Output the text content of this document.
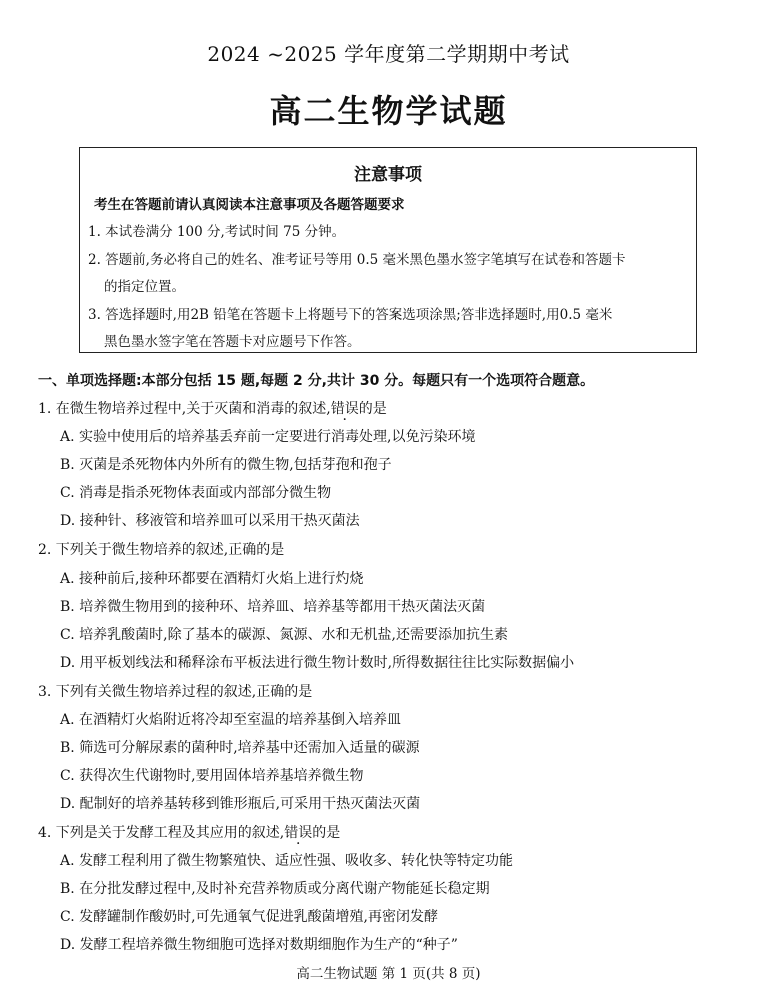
2024 ~2025 学年度第二学期期中考试
高二生物学试题
注意事项
考生在答题前请认真阅读本注意事项及各题答题要求
1. 本试卷满分 100 分,考试时间 75 分钟。
2. 答题前,务必将自己的姓名、准考证号等用 0.5 毫米黑色墨水签字笔填写在试卷和答题卡
的指定位置。
3. 答选择题时,用2B 铅笔在答题卡上将题号下的答案选项涂黑;答非选择题时,用0.5 毫米
黑色墨水签字笔在答题卡对应题号下作答。
一、单项选择题:本部分包括 15 题,每题 2 分,共计 30 分。每题只有一个选项符合题意。
1. 在微生物培养过程中,关于灭菌和消毒的叙述,错误的是
A. 实验中使用后的培养基丢弃前一定要进行消毒处理,以免污染环境
B. 灭菌是杀死物体内外所有的微生物,包括芽孢和孢子
C. 消毒是指杀死物体表面或内部部分微生物
D. 接种针、移液管和培养皿可以采用干热灭菌法
2. 下列关于微生物培养的叙述,正确的是
A. 接种前后,接种环都要在酒精灯火焰上进行灼烧
B. 培养微生物用到的接种环、培养皿、培养基等都用干热灭菌法灭菌
C. 培养乳酸菌时,除了基本的碳源、氮源、水和无机盐,还需要添加抗生素
D. 用平板划线法和稀释涂布平板法进行微生物计数时,所得数据往往比实际数据偏小
3. 下列有关微生物培养过程的叙述,正确的是
A. 在酒精灯火焰附近将冷却至室温的培养基倒入培养皿
B. 筛选可分解尿素的菌种时,培养基中还需加入适量的碳源
C. 获得次生代谢物时,要用固体培养基培养微生物
D. 配制好的培养基转移到锥形瓶后,可采用干热灭菌法灭菌
4. 下列是关于发酵工程及其应用的叙述,错误的是
A. 发酵工程利用了微生物繁殖快、适应性强、吸收多、转化快等特定功能
B. 在分批发酵过程中,及时补充营养物质或分离代谢产物能延长稳定期
C. 发酵罐制作酸奶时,可先通氧气促进乳酸菌增殖,再密闭发酵
D. 发酵工程培养微生物细胞可选择对数期细胞作为生产的“种子”
高二生物试题 第 1 页(共 8 页)
